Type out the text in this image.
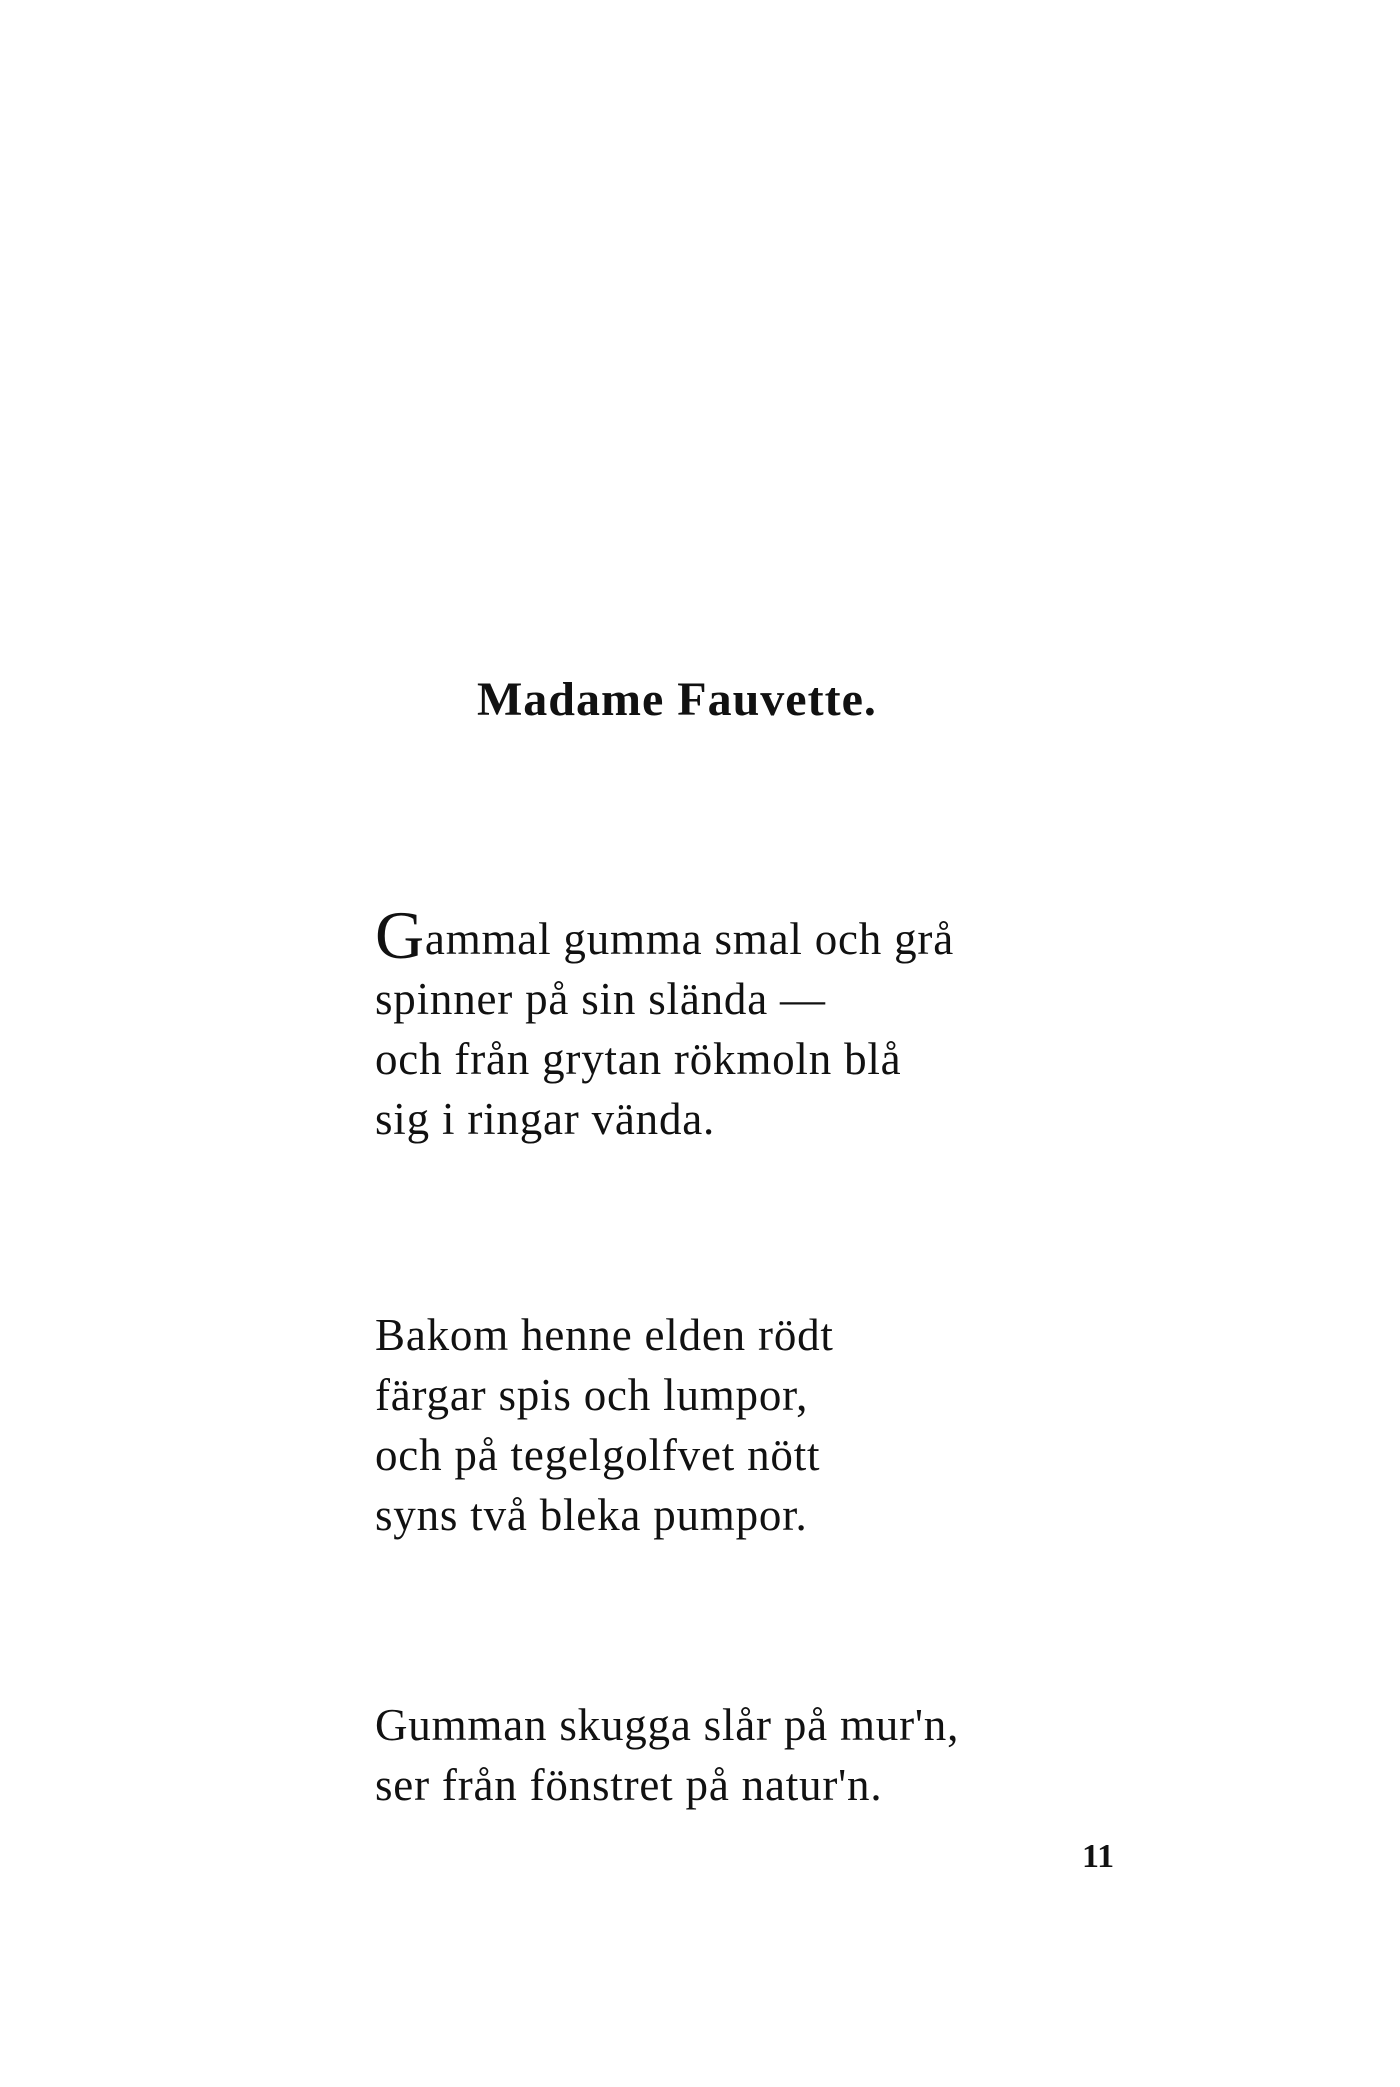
Madame Fauvette.
Gammal gumma smal och grå
spinner på sin slända —
och från grytan rökmoln blå
sig i ringar vända.
Bakom henne elden rödt
färgar spis och lumpor,
och på tegelgolfvet nött
syns två bleka pumpor.
Gumman skugga slår på mur'n,
ser från fönstret på natur'n.

11
